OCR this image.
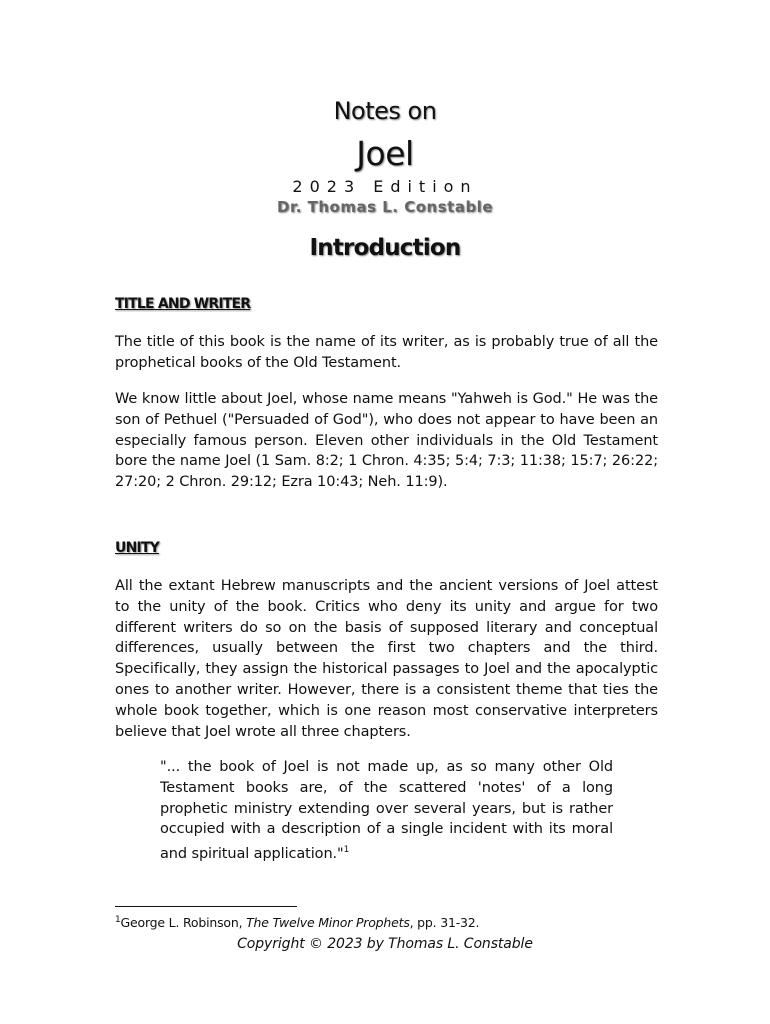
Notes on
Joel
2023 Edition
Dr. Thomas L. Constable
Introduction
TITLE AND WRITER
The title of this book is the name of its writer, as is probably true of all the prophetical books of the Old Testament.
We know little about Joel, whose name means "Yahweh is God." He was the son of Pethuel ("Persuaded of God"), who does not appear to have been an especially famous person. Eleven other individuals in the Old Testament bore the name Joel (1 Sam. 8:2; 1 Chron. 4:35; 5:4; 7:3; 11:38; 15:7; 26:22; 27:20; 2 Chron. 29:12; Ezra 10:43; Neh. 11:9).
UNITY
All the extant Hebrew manuscripts and the ancient versions of Joel attest to the unity of the book. Critics who deny its unity and argue for two different writers do so on the basis of supposed literary and conceptual differences, usually between the first two chapters and the third. Specifically, they assign the historical passages to Joel and the apocalyptic ones to another writer. However, there is a consistent theme that ties the whole book together, which is one reason most conservative interpreters believe that Joel wrote all three chapters.
"... the book of Joel is not made up, as so many other Old Testament books are, of the scattered 'notes' of a long prophetic ministry extending over several years, but is rather occupied with a description of a single incident with its moral and spiritual application."$^1$
$^1$George L. Robinson, The Twelve Minor Prophets, pp. 31-32.
Copyright © 2023 by Thomas L. Constable
